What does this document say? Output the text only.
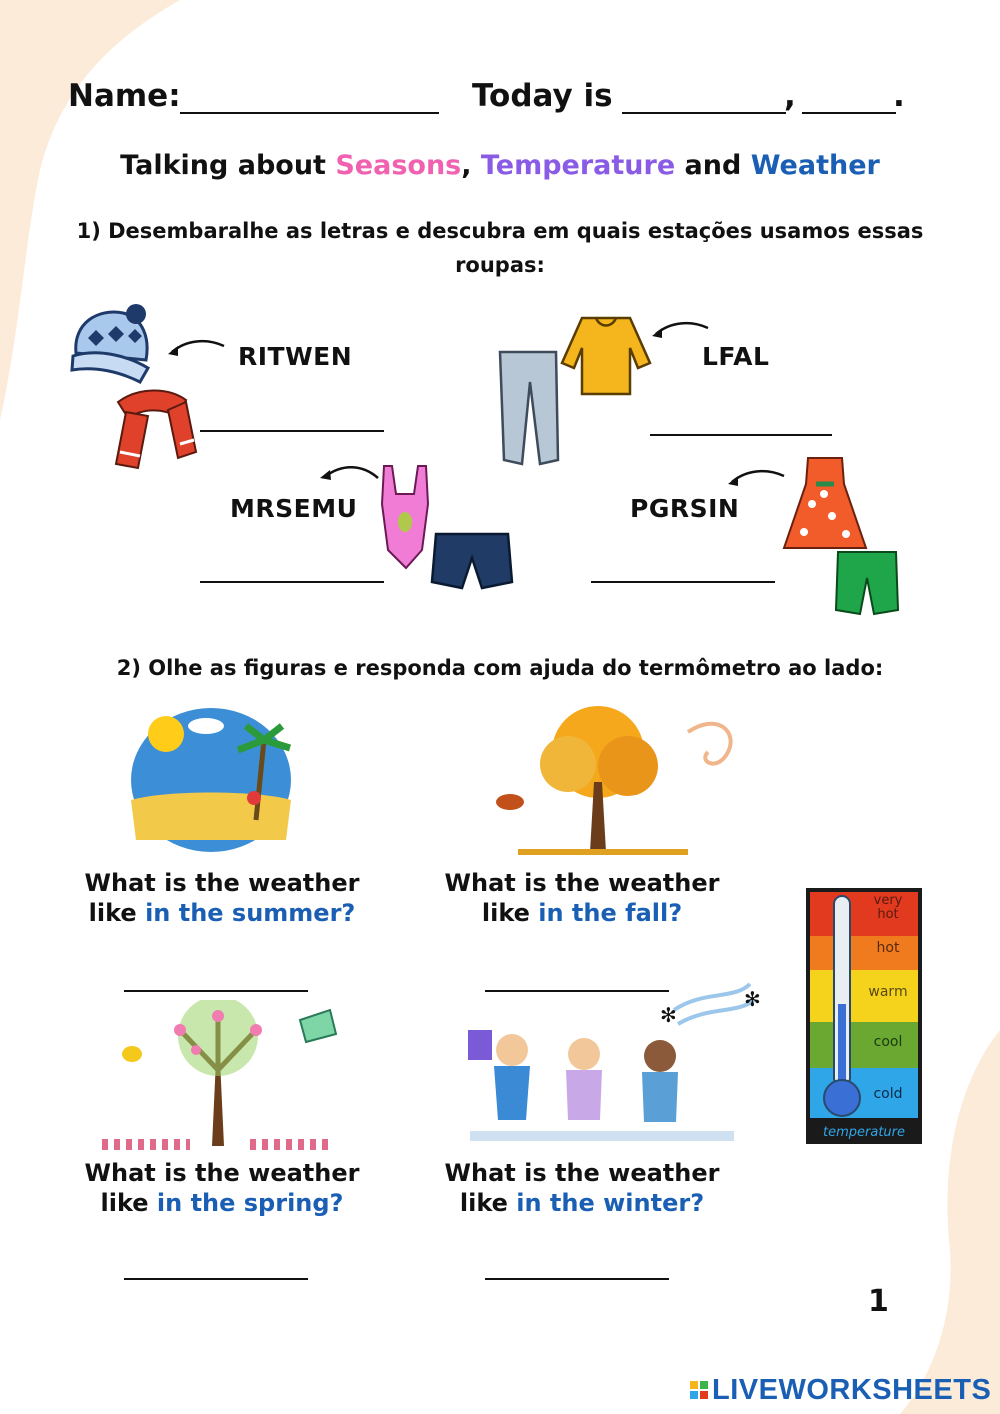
Name:	Today is	,	.
Talking about Seasons, Temperature and Weather
1) Desembaralhe as letras e descubra em quais estações usamos essas
roupas:
RITWEN	LFAL
MRSEMU	PGRSIN
2) Olhe as figuras e responda com ajuda do termômetro ao lado:
What is the weather
like in the summer?
What is the weather
like in the fall?	very hot
hot
warm
cool
cold
temperature
✻
✻
What is the weather
like in the spring?
What is the weather
like in the winter?
1
LIVEWORKSHEETS
